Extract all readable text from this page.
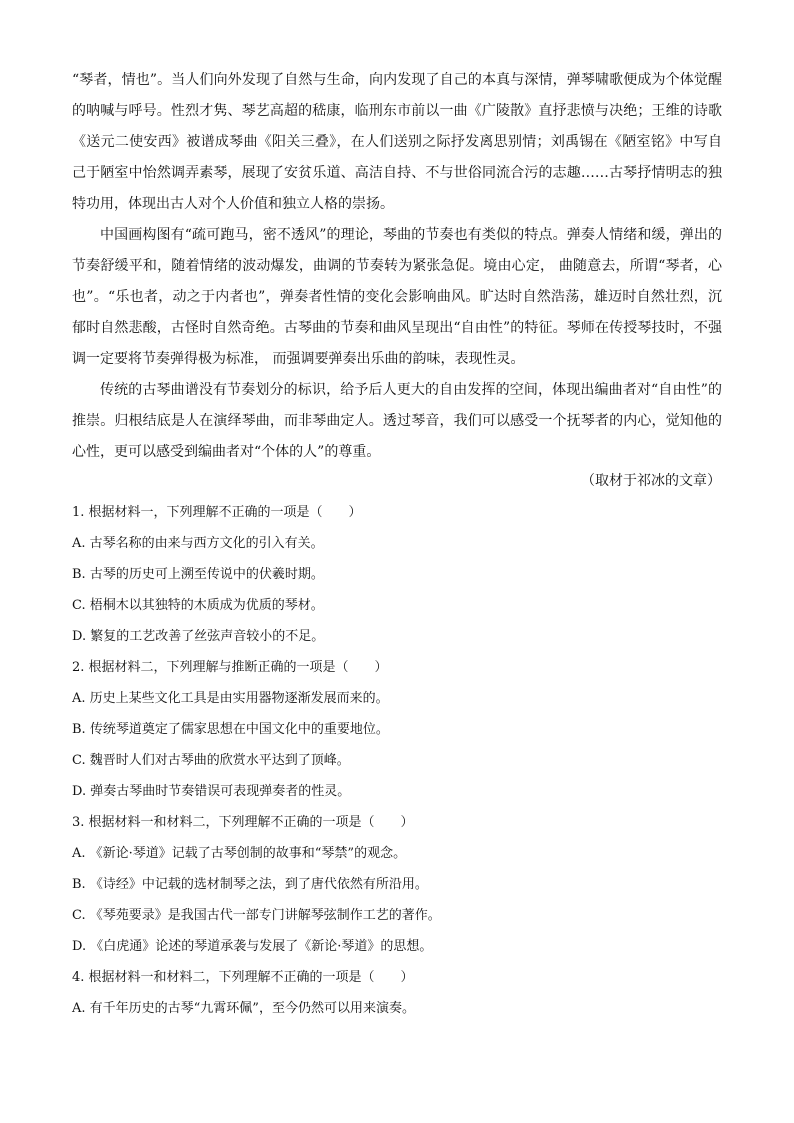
“琴者，情也”。当人们向外发现了自然与生命，向内发现了自己的本真与深情，弹琴啸歌便成为个体觉醒的呐喊与呼号。性烈才隽、琴艺高超的嵇康，临刑东市前以一曲《广陵散》直抒悲愤与决绝；王维的诗歌《送元二使安西》被谱成琴曲《阳关三叠》，在人们送别之际抒发离思别情；刘禹锡在《陋室铭》中写自己于陋室中怡然调弄素琴，展现了安贫乐道、高洁自持、不与世俗同流合污的志趣……古琴抒情明志的独特功用，体现出古人对个人价值和独立人格的崇扬。

中国画构图有“疏可跑马，密不透风”的理论，琴曲的节奏也有类似的特点。弹奏人情绪和缓，弹出的节奏舒缓平和，随着情绪的波动爆发，曲调的节奏转为紧张急促。境由心定， 曲随意去，所谓“琴者，心也”。“乐也者，动之于内者也”，弹奏者性情的变化会影响曲风。旷达时自然浩荡，雄迈时自然壮烈，沉郁时自然悲酸，古怪时自然奇绝。古琴曲的节奏和曲风呈现出“自由性”的特征。琴师在传授琴技时，不强调一定要将节奏弹得极为标准， 而强调要弹奏出乐曲的韵味，表现性灵。

传统的古琴曲谱没有节奏划分的标识，给予后人更大的自由发挥的空间，体现出编曲者对“自由性”的推崇。归根结底是人在演绎琴曲，而非琴曲定人。透过琴音，我们可以感受一个抚琴者的内心，觉知他的心性，更可以感受到编曲者对“个体的人”的尊重。

（取材于祁冰的文章）

1. 根据材料一，下列理解不正确的一项是（　　）

A. 古琴名称的由来与西方文化的引入有关。

B. 古琴的历史可上溯至传说中的伏羲时期。

C. 梧桐木以其独特的木质成为优质的琴材。

D. 繁复的工艺改善了丝弦声音较小的不足。

2. 根据材料二，下列理解与推断正确的一项是（　　）

A. 历史上某些文化工具是由实用器物逐渐发展而来的。

B. 传统琴道奠定了儒家思想在中国文化中的重要地位。

C. 魏晋时人们对古琴曲的欣赏水平达到了顶峰。

D. 弹奏古琴曲时节奏错误可表现弹奏者的性灵。

3. 根据材料一和材料二，下列理解不正确的一项是（　　）

A. 《新论·琴道》记载了古琴创制的故事和“琴禁”的观念。

B. 《诗经》中记载的选材制琴之法，到了唐代依然有所沿用。

C. 《琴苑要录》是我国古代一部专门讲解琴弦制作工艺的著作。

D. 《白虎通》论述的琴道承袭与发展了《新论·琴道》的思想。

4. 根据材料一和材料二，下列理解不正确的一项是（　　）

A. 有千年历史的古琴“九霄环佩”，至今仍然可以用来演奏。
